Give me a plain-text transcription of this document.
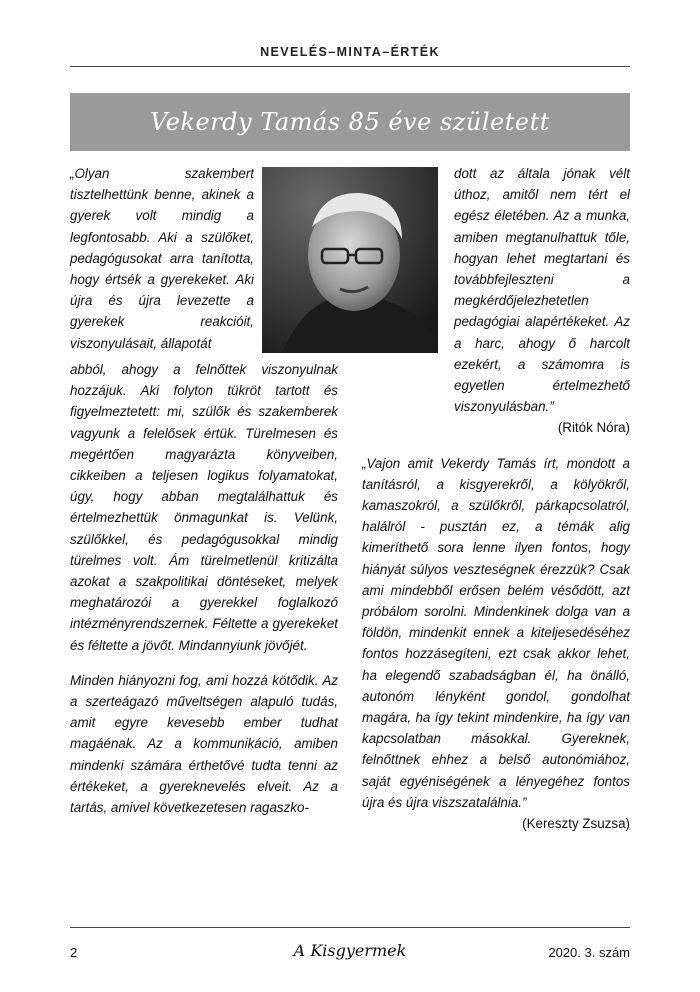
NEVELÉS–MINTA–ÉRTÉK
Vekerdy Tamás 85 éve született

„Olyan szakembert tisztelhettünk benne, akinek a gyerek volt mindig a legfontosabb. Aki a szülőket, pedagógusokat arra tanította, hogy értsék a gyerekeket. Aki újra és újra levezette a gyerekek reakcióit, viszonyulásait, állapotát

abból, ahogy a felnőttek viszonyulnak hozzájuk. Aki folyton tükröt tartott és figyelmeztetett: mi, szülők és szakemberek vagyunk a felelősek értük. Türelmesen és megértően magyarázta könyveiben, cikkeiben a teljesen logikus folyamatokat, úgy, hogy abban megtalálhattuk és értelmezhettük önmagunkat is. Velünk, szülőkkel, és pedagógusokkal mindig türelmes volt. Ám türelmetlenül kritizálta azokat a szakpolitikai döntéseket, melyek meghatározói a gyerekkel foglalkozó intézményrendszernek. Féltette a gyerekeket és féltette a jövőt. Mindannyiunk jövőjét.
Minden hiányozni fog, ami hozzá kötődik. Az a szerteágazó műveltségen alapuló tudás, amit egyre kevesebb ember tudhat magáénak. Az a kommunikáció, amiben mindenki számára érthetővé tudta tenni az értékeket, a gyereknevelés elveit. Az a tartás, amivel következetesen ragaszko-

dott az általa jónak vélt úthoz, amitől nem tért el egész életében. Az a munka, amiben megtanulhattuk tőle, hogyan lehet megtartani és továbbfejleszteni a megkérdőjelezhetetlen pedagógiai alapértékeket. Az a harc, ahogy ő harcolt ezekért, a számomra is egyetlen értelmezhető viszonyulásban.”

(Ritók Nóra)

„Vajon amit Vekerdy Tamás írt, mondott a tanításról, a kisgyerekről, a kölyökről, kamaszokról, a szülőkről, párkapcsolatról, halálról - pusztán ez, a témák alig kimeríthető sora lenne ilyen fontos, hogy hiányát súlyos veszteségnek érezzük? Csak ami mindebből erősen belém vésődött, azt próbálom sorolni. Mindenkinek dolga van a földön, mindenkit ennek a kiteljesedéséhez fontos hozzásegíteni, ezt csak akkor lehet, ha elegendő szabadságban él, ha önálló, autonóm lényként gondol, gondolhat magára, ha így tekint mindenkire, ha így van kapcsolatban másokkal. Gyereknek, felnőttnek ehhez a belső autonómiához, saját egyéniségének a lényegéhez fontos újra és újra viszszatalálnia.”

(Kereszty Zsuzsa)

2	A Kisgyermek	2020. 3. szám
